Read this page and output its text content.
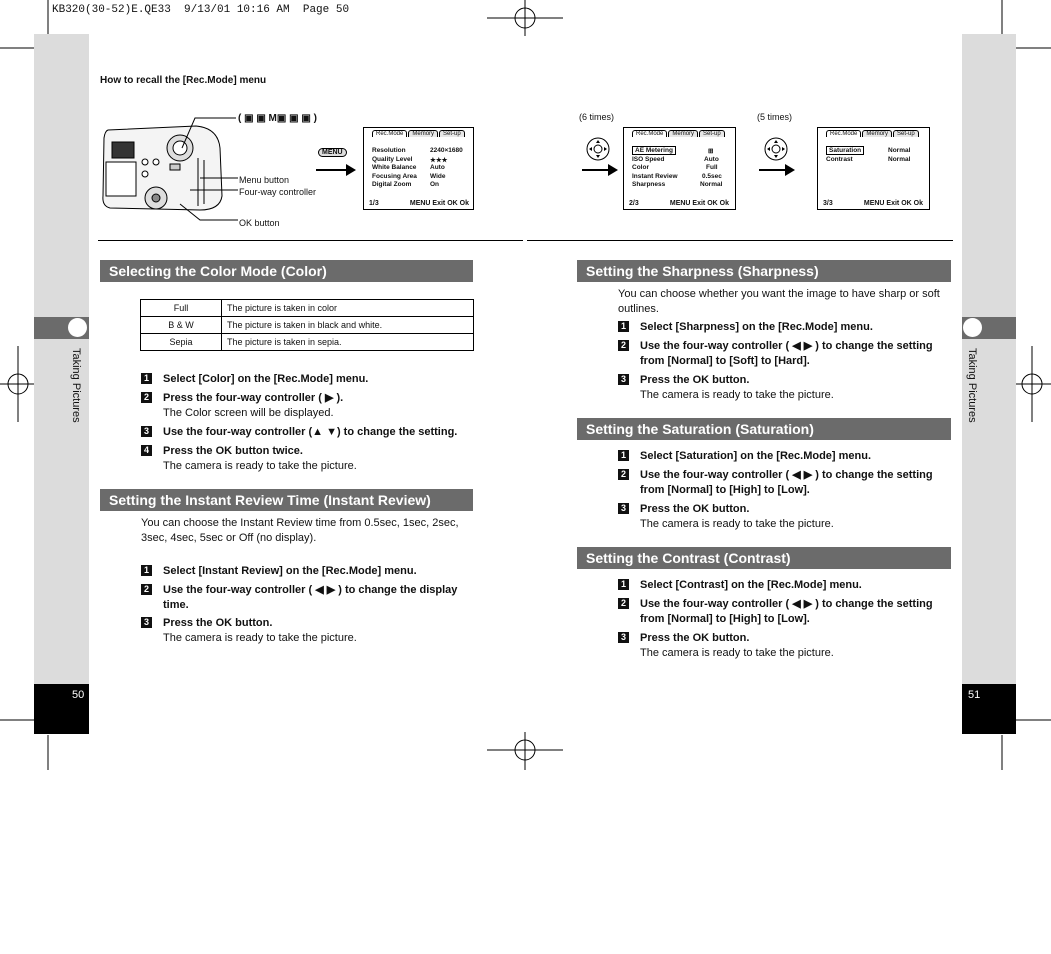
KB320(30-52)E.QE33  9/13/01 10:16 AM  Page 50
Taking Pictures	Taking Pictures
50	51
How to recall the [Rec.Mode] menu
( ▣ ▣ M▣ ▣ ▣ )
Menu button
Four-way controller
OK button
MENU
Rec.Mode Memory Set-up
Resolution	2240×1680
Quality Level	★★★
White Balance Auto
Focusing Area Wide
Digital Zoom	On
1/3	MENU Exit OK Ok
(6 times)	(5 times)
Rec.Mode Memory Set-up
AE Metering	⊞
ISO Speed	Auto
Color	Full
Instant Review	0.5sec
Sharpness	Normal
2/3	MENU Exit OK Ok
Rec.Mode Memory Set-up
Saturation	Normal
Contrast	Normal
3/3	MENU Exit OK Ok
Selecting the Color Mode (Color)
Full	The picture is taken in color
B & W	The picture is taken in black and white.
Sepia	The picture is taken in sepia.
1 Select [Color] on the [Rec.Mode] menu.
2 Press the four-way controller ( ▶ ).
The Color screen will be displayed.
3 Use the four-way controller (▲ ▼) to change the setting.
4 Press the OK button twice.
The camera is ready to take the picture.
Setting the Instant Review Time (Instant Review)
You can choose the Instant Review time from 0.5sec, 1sec, 2sec, 3sec, 4sec, 5sec or Off (no display).
1 Select [Instant Review] on the [Rec.Mode] menu.
2 Use the four-way controller ( ◀ ▶ ) to change the display time.
3 Press the OK button.
The camera is ready to take the picture.
Setting the Sharpness (Sharpness)
You can choose whether you want the image to have sharp or soft outlines.
1 Select [Sharpness] on the [Rec.Mode] menu.
2 Use the four-way controller ( ◀ ▶ ) to change the setting from [Normal] to [Soft] to [Hard].
3 Press the OK button.
The camera is ready to take the picture.
Setting the Saturation (Saturation)
1 Select [Saturation] on the [Rec.Mode] menu.
2 Use the four-way controller ( ◀ ▶ ) to change the setting from [Normal] to [High] to [Low].
3 Press the OK button.
The camera is ready to take the picture.
Setting the Contrast (Contrast)
1 Select [Contrast] on the [Rec.Mode] menu.
2 Use the four-way controller ( ◀ ▶ ) to change the setting from [Normal] to [High] to [Low].
3 Press the OK button.
The camera is ready to take the picture.
